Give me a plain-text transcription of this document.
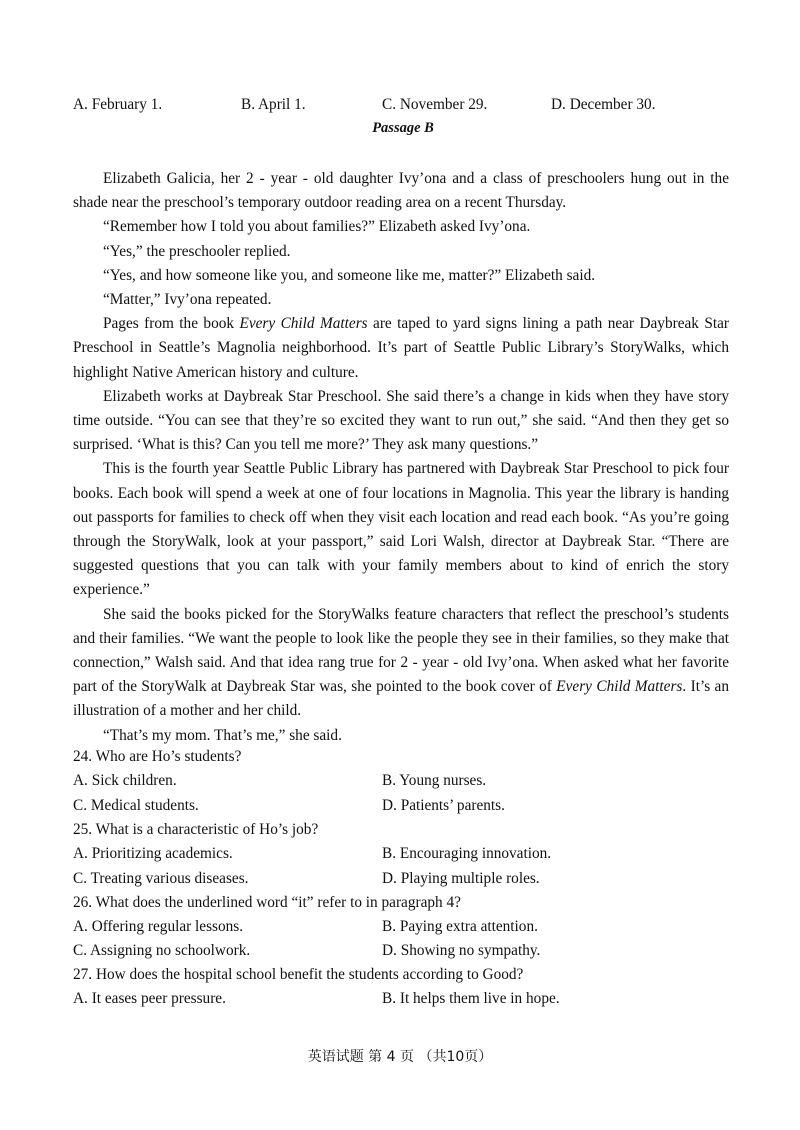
A. February 1.	B. April 1.	C. November 29.	D. December 30.
Passage B

Elizabeth Galicia, her 2 - year - old daughter Ivy’ona and a class of preschoolers hung out in the shade near the preschool’s temporary outdoor reading area on a recent Thursday.

“Remember how I told you about families?” Elizabeth asked Ivy’ona.

“Yes,” the preschooler replied.

“Yes, and how someone like you, and someone like me, matter?” Elizabeth said.

“Matter,” Ivy’ona repeated.

Pages from the book Every Child Matters are taped to yard signs lining a path near Daybreak Star Preschool in Seattle’s Magnolia neighborhood. It’s part of Seattle Public Library’s StoryWalks, which highlight Native American history and culture.

Elizabeth works at Daybreak Star Preschool. She said there’s a change in kids when they have story time outside. “You can see that they’re so excited they want to run out,” she said. “And then they get so surprised. ‘What is this? Can you tell me more?’ They ask many questions.”

This is the fourth year Seattle Public Library has partnered with Daybreak Star Preschool to pick four books. Each book will spend a week at one of four locations in Magnolia. This year the library is handing out passports for families to check off when they visit each location and read each book. “As you’re going through the StoryWalk, look at your passport,” said Lori Walsh, director at Daybreak Star. “There are suggested questions that you can talk with your family members about to kind of enrich the story experience.”

She said the books picked for the StoryWalks feature characters that reflect the preschool’s students and their families. “We want the people to look like the people they see in their families, so they make that connection,” Walsh said. And that idea rang true for 2 - year - old Ivy’ona. When asked what her favorite part of the StoryWalk at Daybreak Star was, she pointed to the book cover of Every Child Matters. It’s an illustration of a mother and her child.

“That’s my mom. That’s me,” she said.

24. Who are Ho’s students?
A. Sick children.	B. Young nurses.
C. Medical students.	D. Patients’ parents.
25. What is a characteristic of Ho’s job?
A. Prioritizing academics.	B. Encouraging innovation.
C. Treating various diseases.	D. Playing multiple roles.
26. What does the underlined word “it” refer to in paragraph 4?
A. Offering regular lessons.	B. Paying extra attention.
C. Assigning no schoolwork.	D. Showing no sympathy.
27. How does the hospital school benefit the students according to Good?
A. It eases peer pressure.	B. It helps them live in hope.
英语试题 第 4 页 （共10页）
